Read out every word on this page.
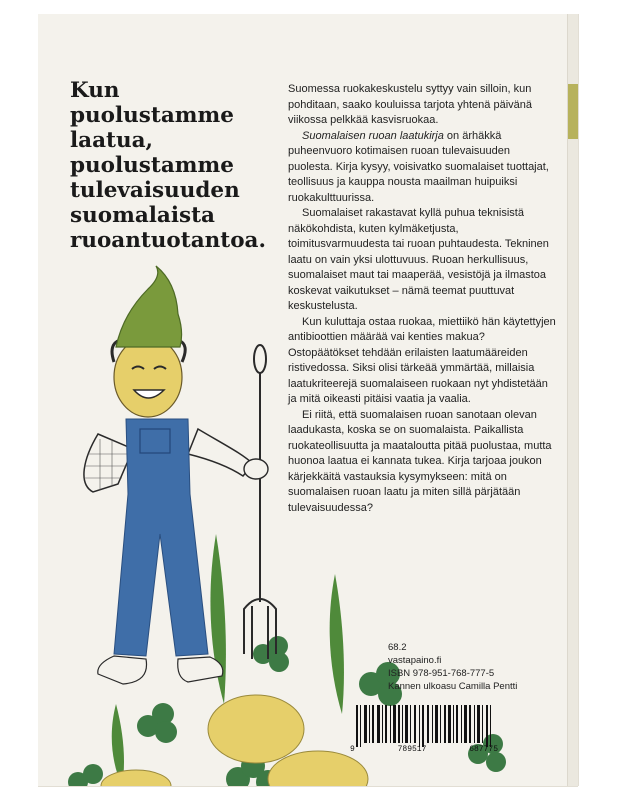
Kun puolustamme laatua, puolustamme tulevaisuuden suomalaista ruoantuotantoa.

Suomessa ruokakeskustelu syttyy vain silloin, kun pohditaan, saako kouluissa tarjota yhtenä päivänä viikossa pelkkää kasvisruokaa.

Suomalaisen ruoan laatukirja on ärhäkkä puheenvuoro kotimaisen ruoan tulevaisuuden puolesta. Kirja kysyy, voisivatko suomalaiset tuottajat, teollisuus ja kauppa nousta maailman huipuiksi ruokakulttuurissa.

Suomalaiset rakastavat kyllä puhua teknisistä näkökohdista, kuten kylmäketjusta, toimitusvarmuudesta tai ruoan puhtaudesta. Tekninen laatu on vain yksi ulottuvuus. Ruoan herkullisuus, suomalaiset maut tai maaperää, vesistöjä ja ilmastoa koskevat vaikutukset – nämä teemat puuttuvat keskustelusta.

Kun kuluttaja ostaa ruokaa, miettiikö hän käytettyjen antibioottien määrää vai kenties makua? Ostopäätökset tehdään erilaisten laatumääreiden ristivedossa. Siksi olisi tärkeää ymmärtää, millaisia laatukriteerejä suomalaiseen ruokaan nyt yhdistetään ja mitä oikeasti pitäisi vaatia ja vaalia.

Ei riitä, että suomalaisen ruoan sanotaan olevan laadukasta, koska se on suomalaista. Paikallista ruokateollisuutta ja maataloutta pitää puolustaa, mutta huonoa laatua ei kannata tukea. Kirja tarjoaa joukon kärjekkäitä vastauksia kysymykseen: mitä on suomalaisen ruoan laatu ja miten sillä pärjätään tulevaisuudessa?

68.2
vastapaino.fi
ISBN 978-951-768-777-5
Kannen ulkoasu Camilla Pentti
9	789517	687775
